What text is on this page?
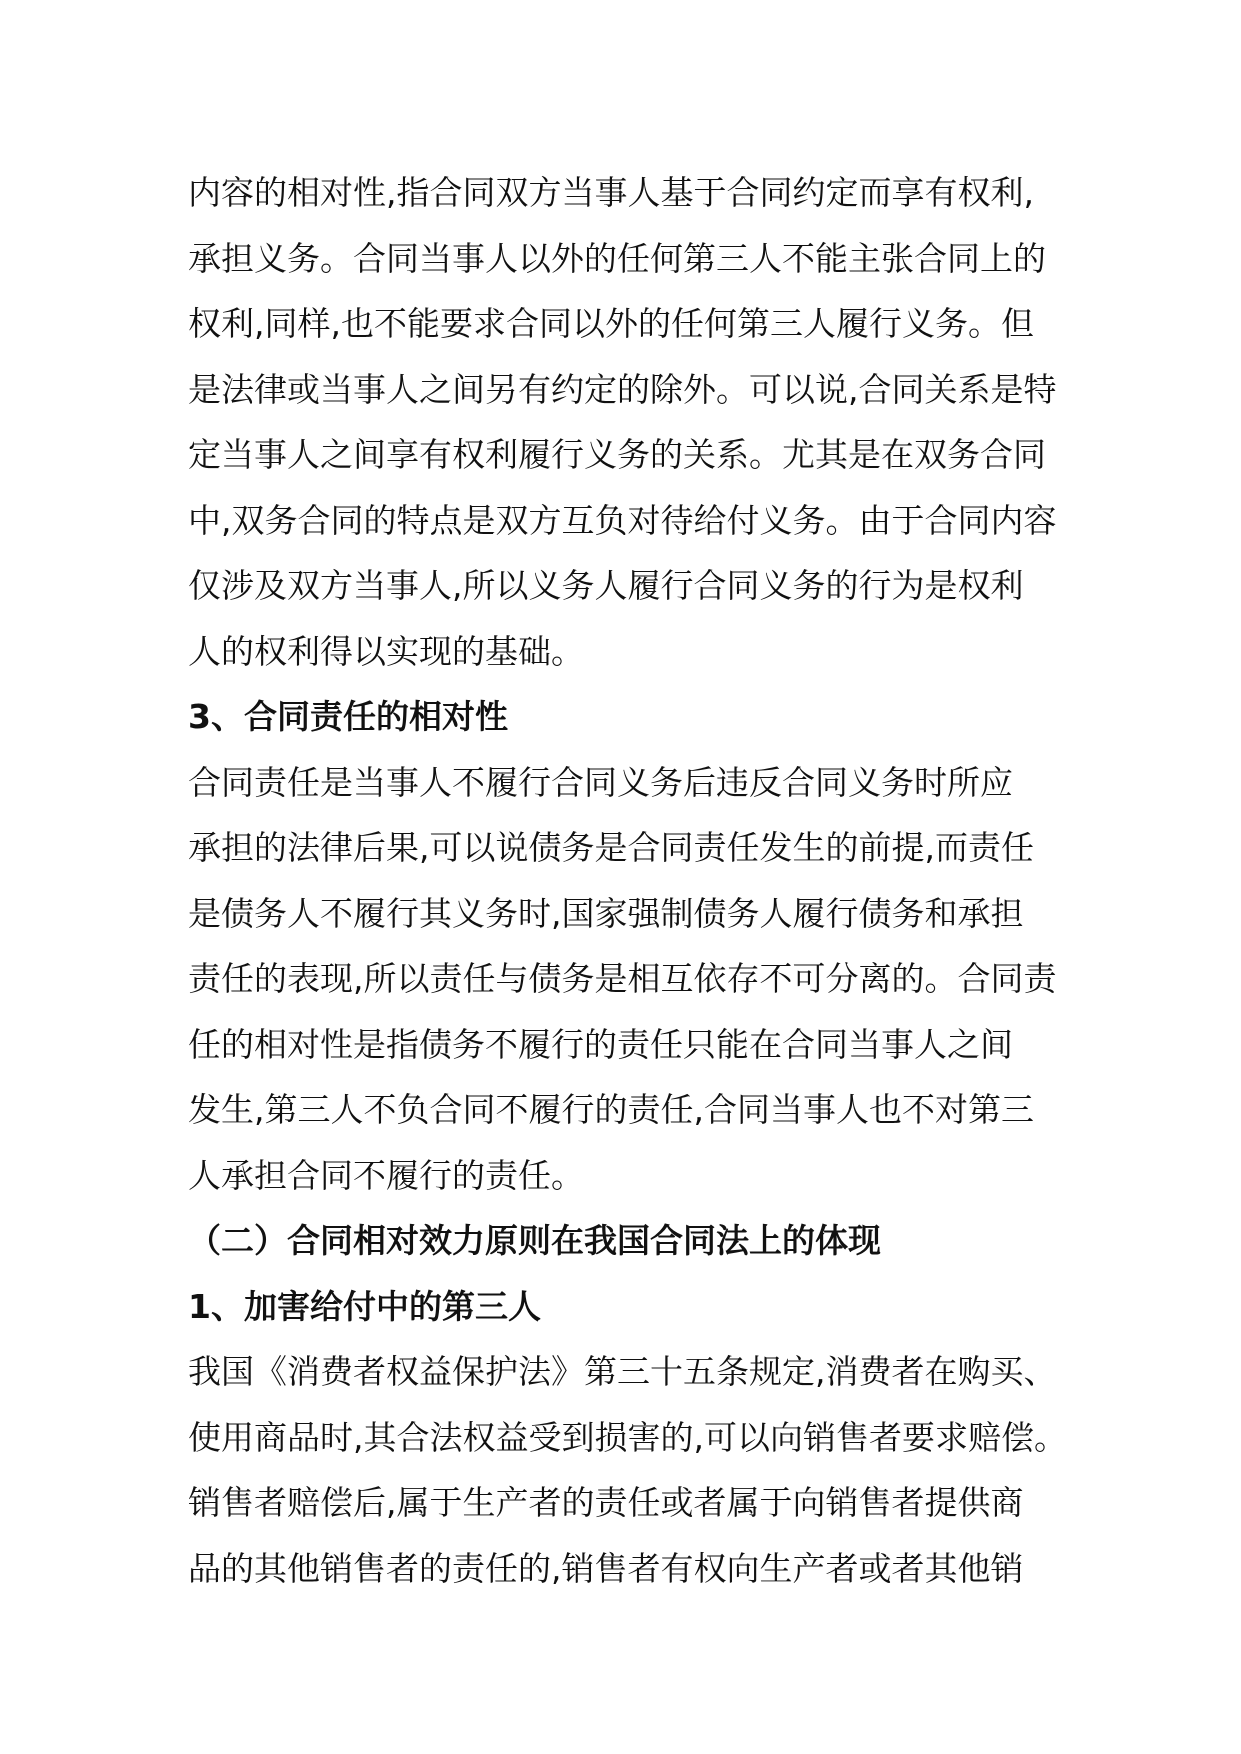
内容的相对性,指合同双方当事人基于合同约定而享有权利,
承担义务。合同当事人以外的任何第三人不能主张合同上的
权利,同样,也不能要求合同以外的任何第三人履行义务。但
是法律或当事人之间另有约定的除外。可以说,合同关系是特
定当事人之间享有权利履行义务的关系。尤其是在双务合同
中,双务合同的特点是双方互负对待给付义务。由于合同内容
仅涉及双方当事人,所以义务人履行合同义务的行为是权利
人的权利得以实现的基础。
3、合同责任的相对性
合同责任是当事人不履行合同义务后违反合同义务时所应
承担的法律后果,可以说债务是合同责任发生的前提,而责任
是债务人不履行其义务时,国家强制债务人履行债务和承担
责任的表现,所以责任与债务是相互依存不可分离的。合同责
任的相对性是指债务不履行的责任只能在合同当事人之间
发生,第三人不负合同不履行的责任,合同当事人也不对第三
人承担合同不履行的责任。
（二）合同相对效力原则在我国合同法上的体现
1、加害给付中的第三人
我国《消费者权益保护法》第三十五条规定,消费者在购买、
使用商品时,其合法权益受到损害的,可以向销售者要求赔偿。
销售者赔偿后,属于生产者的责任或者属于向销售者提供商
品的其他销售者的责任的,销售者有权向生产者或者其他销
